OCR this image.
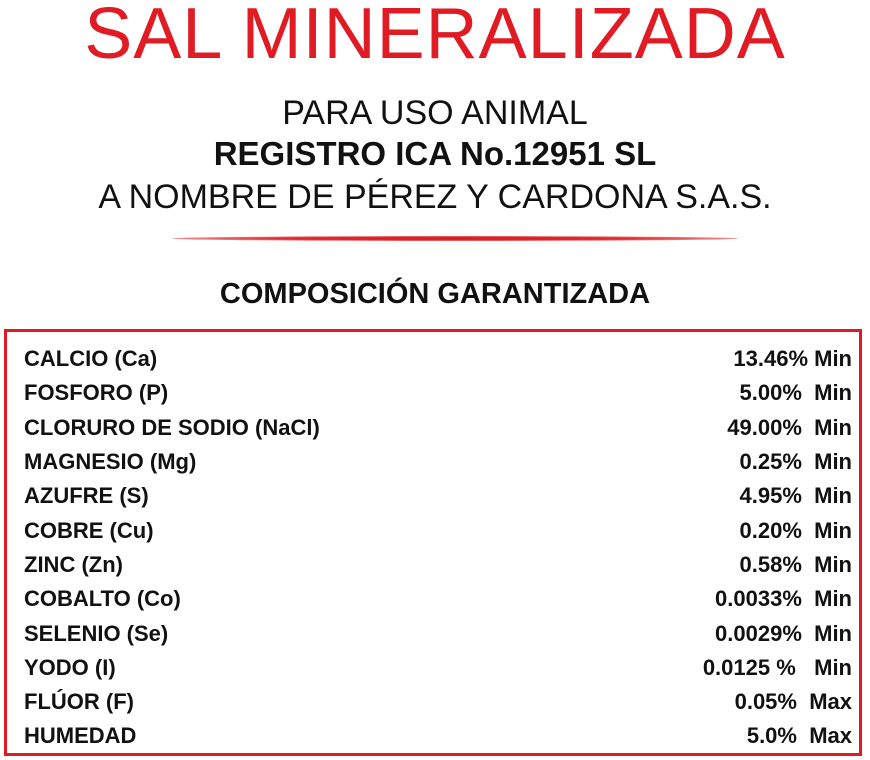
SAL MINERALIZADA
PARA USO ANIMAL
REGISTRO ICA No.12951 SL
A NOMBRE DE PÉREZ Y CARDONA S.A.S.
COMPOSICIÓN GARANTIZADA
CALCIO (Ca)	13.46% Min
FOSFORO (P)	5.00%  Min
CLORURO DE SODIO (NaCl)	49.00%  Min
MAGNESIO (Mg)	0.25%  Min
AZUFRE (S)	4.95%  Min
COBRE (Cu)	0.20%  Min
ZINC (Zn)	0.58%  Min
COBALTO (Co)	0.0033%  Min
SELENIO (Se)	0.0029%  Min
YODO (I)	0.0125 %   Min
FLÚOR (F)	0.05%  Max
HUMEDAD	5.0%  Max
